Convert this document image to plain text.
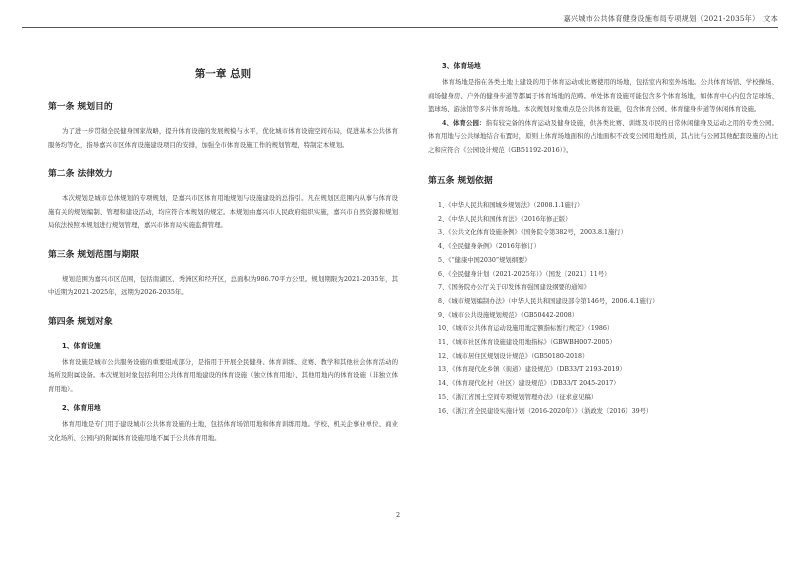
嘉兴城市公共体育健身设施布局专项规划（2021-2035年）　文本
第一章 总则
第一条 规划目的

为了进一步贯彻全民健身国家战略，提升体育设施的发展规模与水平，优化城市体育设施空间布局，促进基本公共体育服务均等化，指导嘉兴市区体育设施建设项目的安排，加强全市体育设施工作的规划管理，特制定本规划。

第二条 法律效力

本次规划是城市总体规划的专项规划，是嘉兴市区体育用地规划与设施建设的总指引。凡在规划区范围内从事与体育设施有关的规划编制、管理和建设活动，均应符合本规划的规定。本规划由嘉兴市人民政府组织实施，嘉兴市自然资源和规划局依法按照本规划进行规划管理，嘉兴市体育局实施监督管理。

第三条 规划范围与期限

规划范围为嘉兴市区范围，包括南湖区、秀洲区和经开区，总面积为986.70平方公里。规划期限为2021-2035年，其中近期为2021-2025年，远期为2026-2035年。

第四条 规划对象
1、体育设施

体育设施是城市公共服务设施的重要组成部分，是指用于开展全民健身、体育训练、竞赛、教学和其他社会体育活动的场所及附属设备。本次规划对象包括利用公共体育用地建设的体育设施（独立体育用地）、其他用地内的体育设施（非独立体育用地）。

2、体育用地

体育用地是专门用于建设城市公共体育设施的土地，包括体育场馆用地和体育训练用地。学校、机关企事业单位、商业文化场所、公园内的附属体育设施用地不属于公共体育用地。

3、体育场地

体育场地是指在各类土地上建设的用于体育运动或比赛使用的场地，包括室内和室外场地。公共体育场馆、学校操场、商场健身房、户外的健身步道等都属于体育场地的范畴。单处体育设施可能包含多个体育场地，如体育中心内包含足球场、篮球场、游泳馆等多片体育场地。本次规划对象重点是公共体育设施，包含体育公园、体育健身步道等休闲体育设施。

4、体育公园：指有较完备的体育运动及健身设施，供各类比赛、训练及市民的日常休闲健身及运动之用的专类公园。体育用地与公共绿地结合布置时，原则上体育场地面积的占地面积不改变公园用地性质，其占比与公园其他配套设施的占比之和应符合《公园设计规范（GB51192-2016）》。

第五条 规划依据
1、《中华人民共和国城乡规划法》（2008.1.1施行）
2、《中华人民共和国体育法》（2016年修正版）
3、《公共文化体育设施条例》（国务院令第382号，2003.8.1施行）
4、《全民健身条例》（2016年修订）
5、《“健康中国2030”规划纲要》
6、《全民健身计划（2021-2025年）》（国发〔2021〕11号）
7、《国务院办公厅关于印发体育强国建设纲要的通知》
8、《城市规划编制办法》（中华人民共和国建设部令第146号，2006.4.1施行）
9、《城市公共设施规划规范》（GB50442-2008）
10、《城市公共体育运动设施用地定额指标暂行规定》（1986）
11、《城市社区体育设施建设用地指标》（GBWBH007-2005）
12、《城市居住区规划设计规范》（GB50180-2018）
13、《体育现代化乡镇（街道）建设规范》（DB33/T 2193-2019）
14、《体育现代化村（社区）建设规范》（DB33/T 2045-2017）
15、《浙江省国土空间专项规划管理办法》（征求意见稿）
16、《浙江省全民建设实施计划（2016-2020年）》（浙政发〔2016〕39号）
2
